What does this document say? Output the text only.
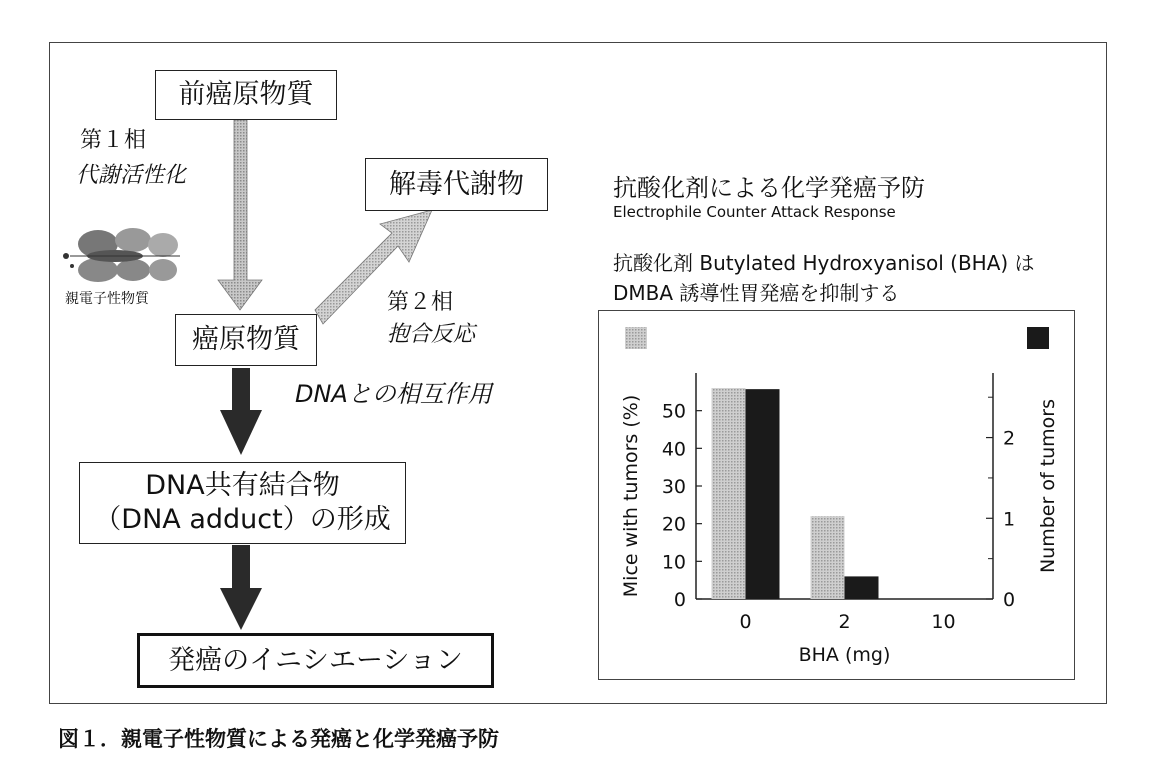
前癌原物質
第１相
代謝活性化
親電子性物質
解毒代謝物
第２相
抱合反応
癌原物質
DNAとの相互作用
DNA共有結合物
（DNA adduct）の形成
発癌のイニシエーション
抗酸化剤による化学発癌予防
Electrophile Counter Attack Response
抗酸化剤 Butylated Hydroxyanisol (BHA) は
DMBA 誘導性胃発癌を抑制する
0
10
20
30
40
50
0
1
2
0	2	10
BHA (mg)
Mice with tumors (%)	Number of tumors
図１．親電子性物質による発癌と化学発癌予防
